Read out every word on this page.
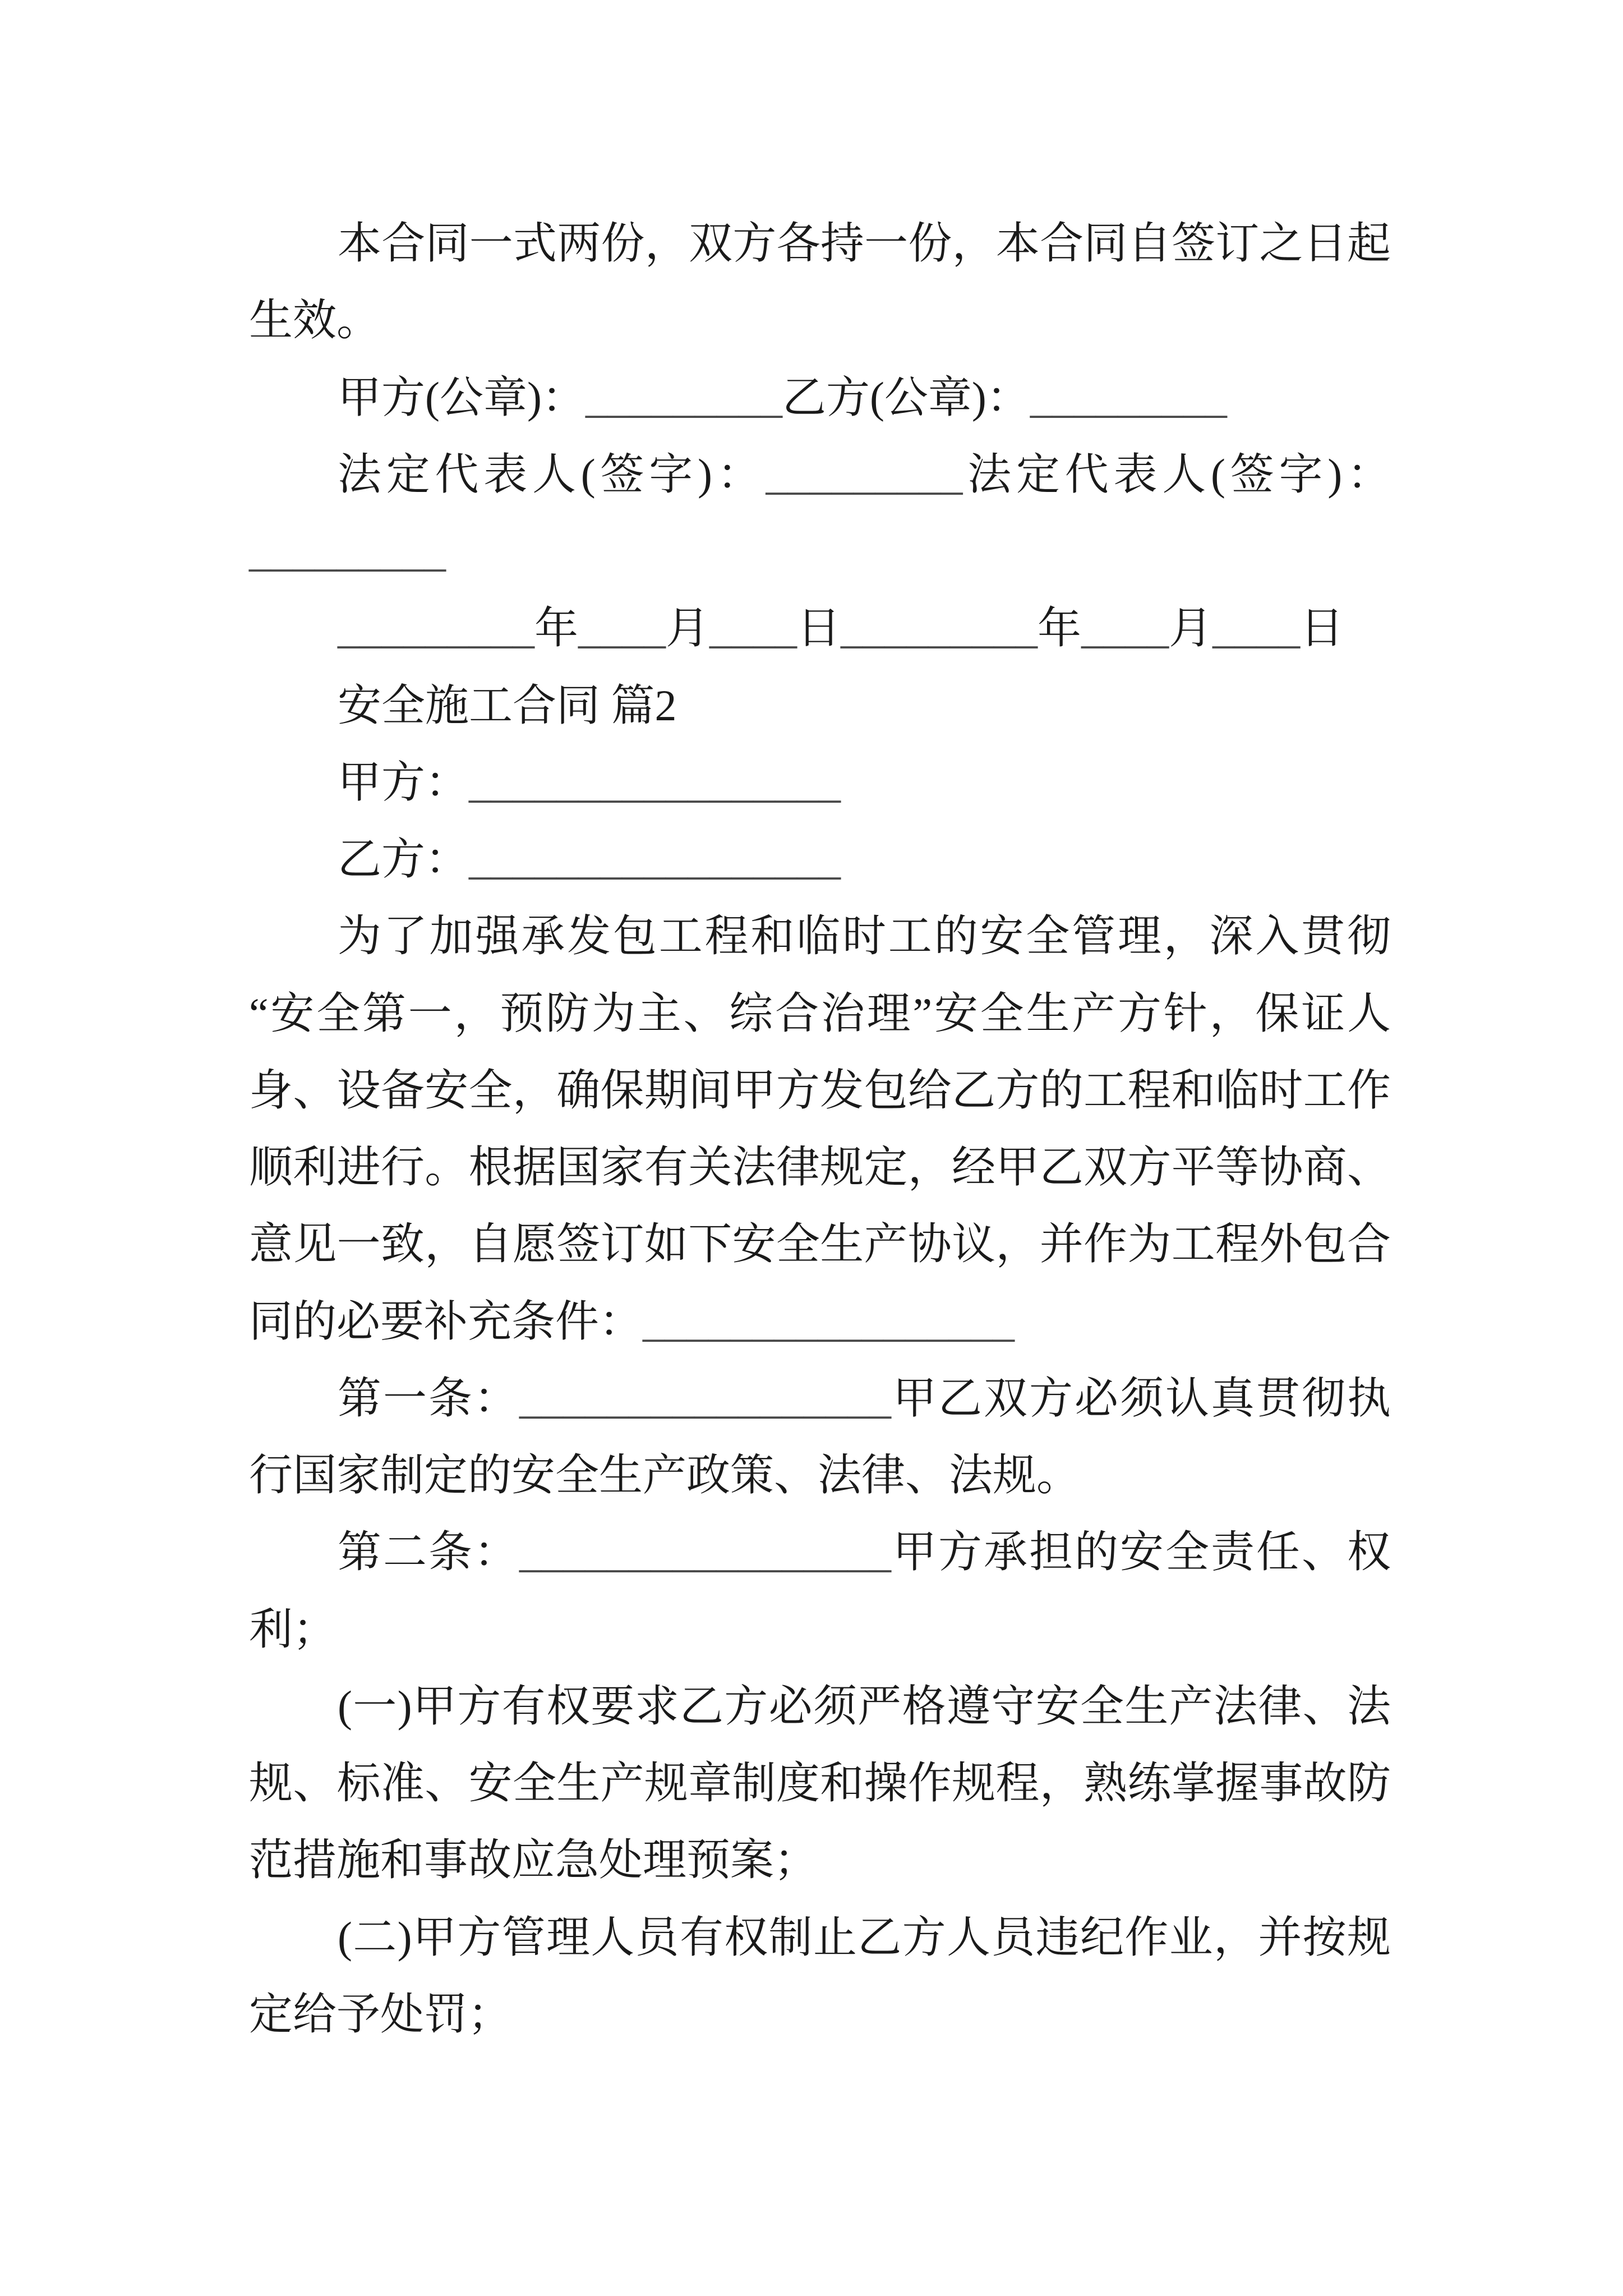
本合同一式两份，双方各持一份，本合同自签订之日起
生效。
甲方(公章)：_________乙方(公章)：_________
法定代表人(签字)：_________法定代表人(签字)：
_________
_________年____月____日_________年____月____日
安全施工合同 篇2
甲方：_________________
乙方：_________________
为了加强承发包工程和临时工的安全管理，深入贯彻
“安全第一，预防为主、综合治理”安全生产方针，保证人
身、设备安全，确保期间甲方发包给乙方的工程和临时工作
顺利进行。根据国家有关法律规定，经甲乙双方平等协商、
意见一致，自愿签订如下安全生产协议，并作为工程外包合
同的必要补充条件：_________________
第一条：_________________甲乙双方必须认真贯彻执
行国家制定的安全生产政策、法律、法规。
第二条：_________________甲方承担的安全责任、权
利；
(一)甲方有权要求乙方必须严格遵守安全生产法律、法
规、标准、安全生产规章制度和操作规程，熟练掌握事故防
范措施和事故应急处理预案；
(二)甲方管理人员有权制止乙方人员违纪作业，并按规
定给予处罚；
